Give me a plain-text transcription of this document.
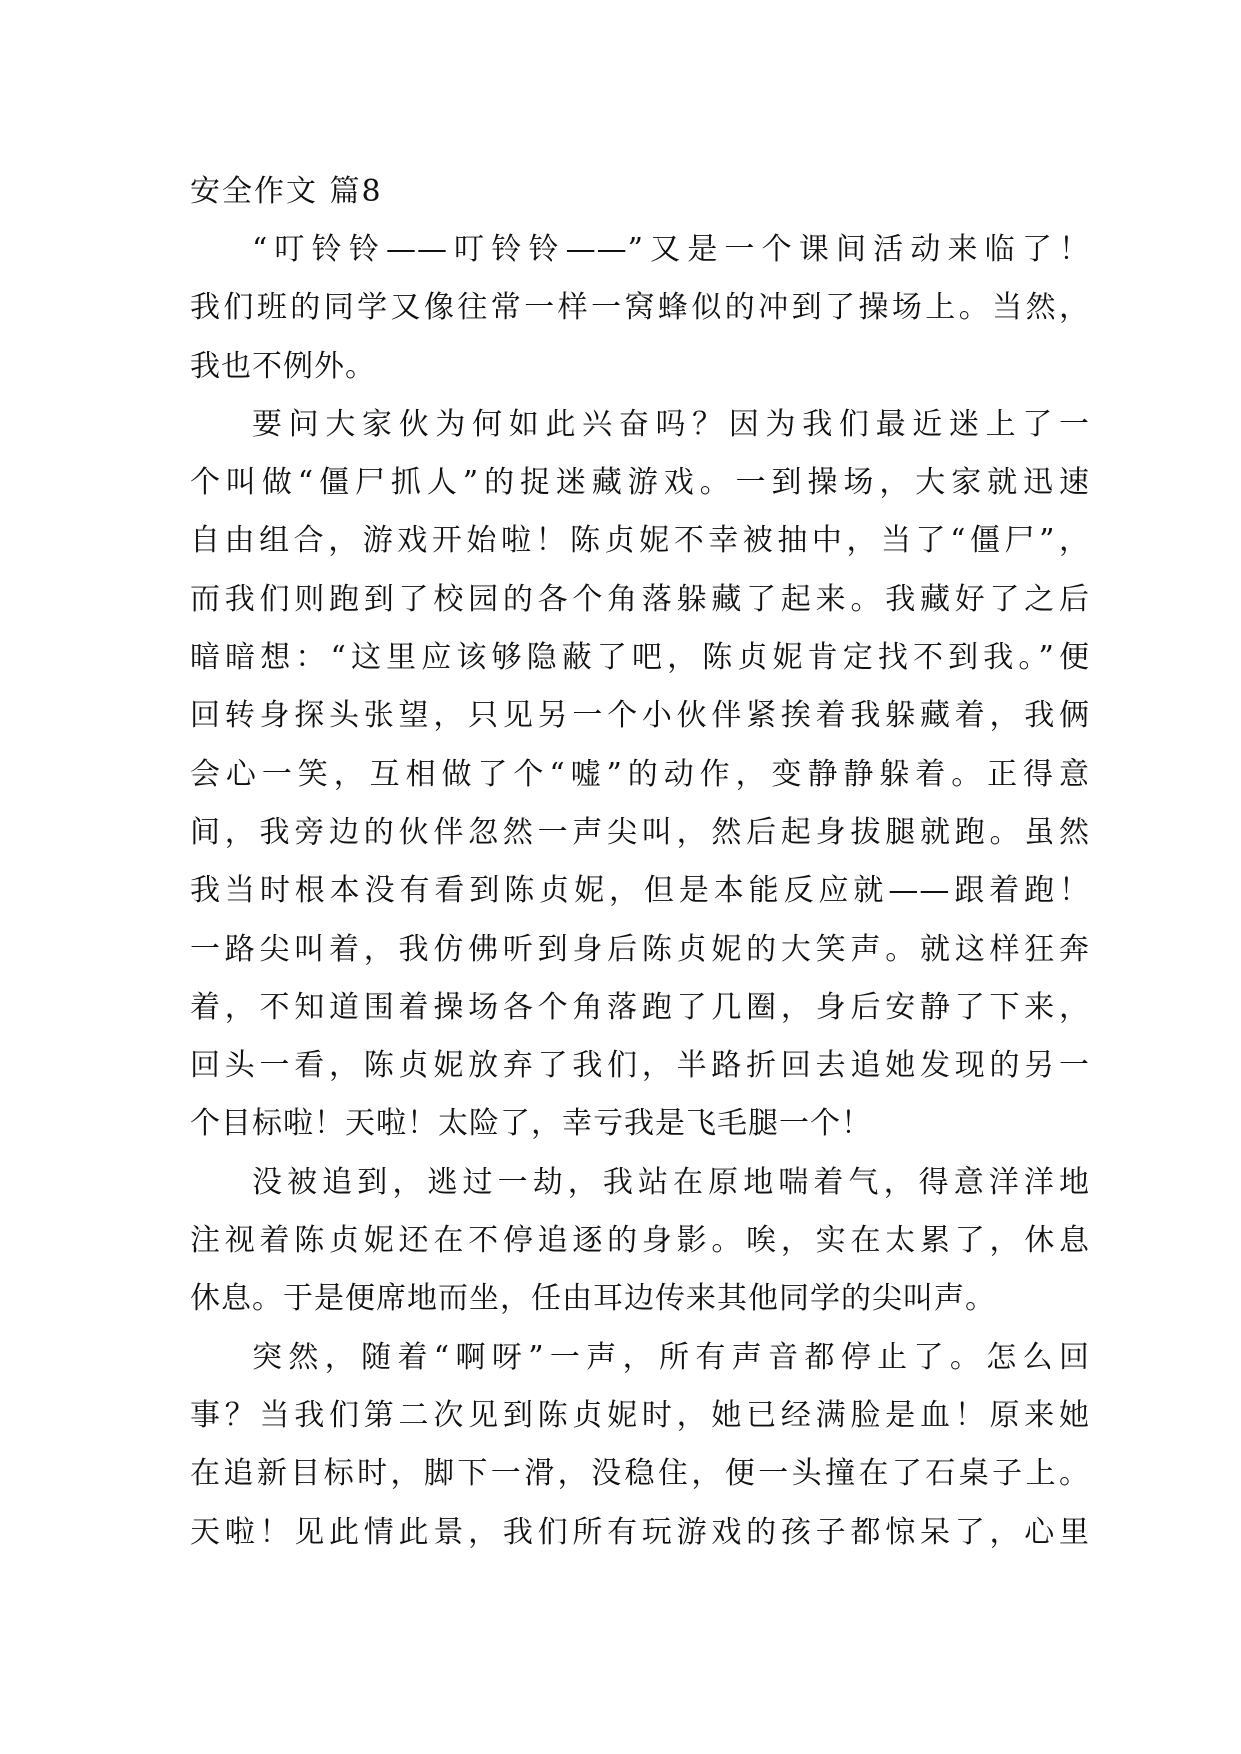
安全作文 篇8
“叮铃铃——叮铃铃——”又是一个课间活动来临了！
我们班的同学又像往常一样一窝蜂似的冲到了操场上。当然，
我也不例外。
要问大家伙为何如此兴奋吗？因为我们最近迷上了一
个叫做“僵尸抓人”的捉迷藏游戏。一到操场，大家就迅速
自由组合，游戏开始啦！陈贞妮不幸被抽中，当了“僵尸”，
而我们则跑到了校园的各个角落躲藏了起来。我藏好了之后
暗暗想：“这里应该够隐蔽了吧，陈贞妮肯定找不到我。”便
回转身探头张望，只见另一个小伙伴紧挨着我躲藏着，我俩
会心一笑，互相做了个“嘘”的动作，变静静躲着。正得意
间，我旁边的伙伴忽然一声尖叫，然后起身拔腿就跑。虽然
我当时根本没有看到陈贞妮，但是本能反应就——跟着跑！
一路尖叫着，我仿佛听到身后陈贞妮的大笑声。就这样狂奔
着，不知道围着操场各个角落跑了几圈，身后安静了下来，
回头一看，陈贞妮放弃了我们，半路折回去追她发现的另一
个目标啦！天啦！太险了，幸亏我是飞毛腿一个！
没被追到，逃过一劫，我站在原地喘着气，得意洋洋地
注视着陈贞妮还在不停追逐的身影。唉，实在太累了，休息
休息。于是便席地而坐，任由耳边传来其他同学的尖叫声。
突然，随着“啊呀”一声，所有声音都停止了。怎么回
事？当我们第二次见到陈贞妮时，她已经满脸是血！原来她
在追新目标时，脚下一滑，没稳住，便一头撞在了石桌子上。
天啦！见此情此景，我们所有玩游戏的孩子都惊呆了，心里
